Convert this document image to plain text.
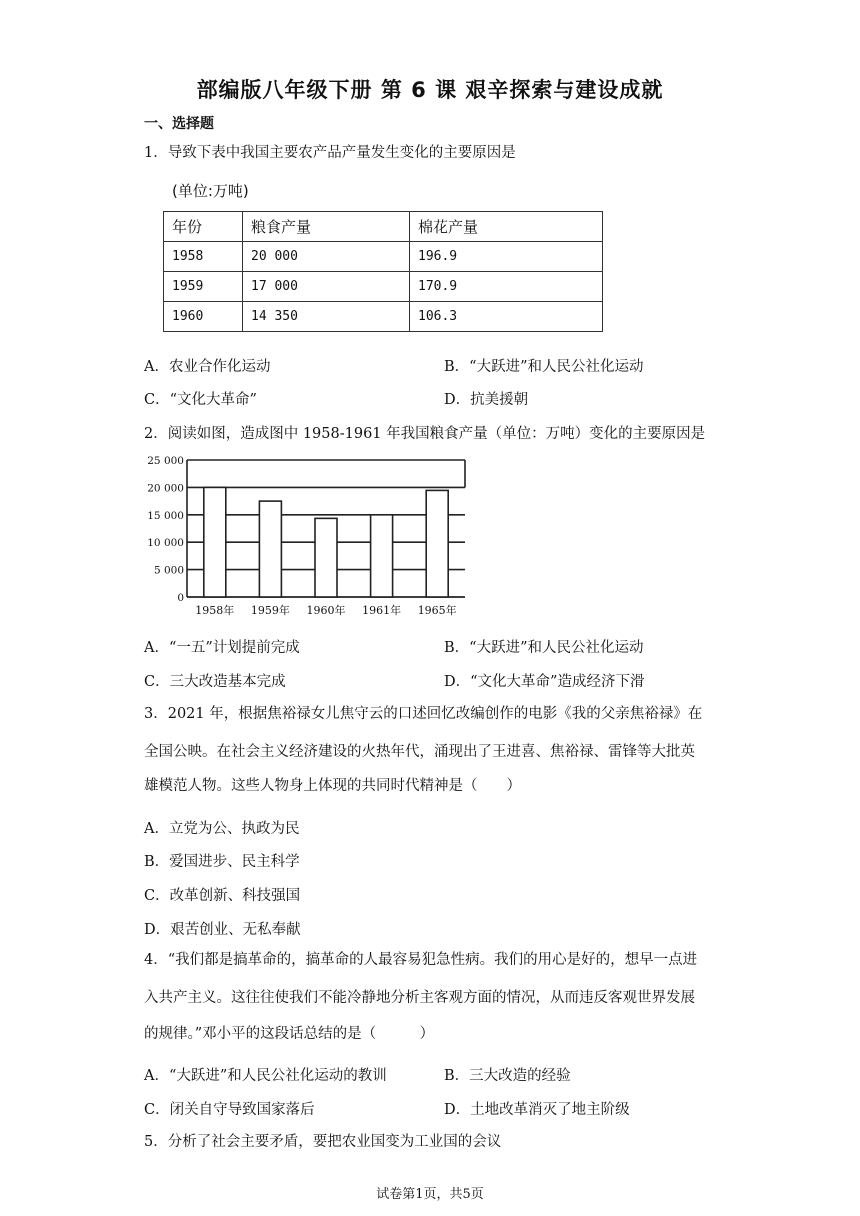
部编版八年级下册 第 6 课 艰辛探索与建设成就
一、选择题
1．导致下表中我国主要农产品产量发生变化的主要原因是
(单位:万吨)
年份	粮食产量	棉花产量
1958	20 000	196.9
1959	17 000	170.9
1960	14 350	106.3
A．农业合作化运动	B．“大跃进”和人民公社化运动
C．“文化大革命”	D．抗美援朝
2．阅读如图，造成图中 1958-1961 年我国粮食产量（单位：万吨）变化的主要原因是
0
5 000
10 000
15 000
20 000
25 000
1958年 1959年 1960年 1961年 1965年
A．“一五”计划提前完成	B．“大跃进”和人民公社化运动
C．三大改造基本完成	D．“文化大革命”造成经济下滑
3．2021 年，根据焦裕禄女儿焦守云的口述回忆改编创作的电影《我的父亲焦裕禄》在
全国公映。在社会主义经济建设的火热年代，涌现出了王进喜、焦裕禄、雷锋等大批英
雄模范人物。这些人物身上体现的共同时代精神是（　　）
A．立党为公、执政为民
B．爱国进步、民主科学
C．改革创新、科技强国
D．艰苦创业、无私奉献
4．“我们都是搞革命的，搞革命的人最容易犯急性病。我们的用心是好的，想早一点进
入共产主义。这往往使我们不能冷静地分析主客观方面的情况，从而违反客观世界发展
的规律。”邓小平的这段话总结的是（　　　）
A．“大跃进”和人民公社化运动的教训	B．三大改造的经验
C．闭关自守导致国家落后	D．土地改革消灭了地主阶级
5．分析了社会主要矛盾，要把农业国变为工业国的会议
试卷第1页，共5页
